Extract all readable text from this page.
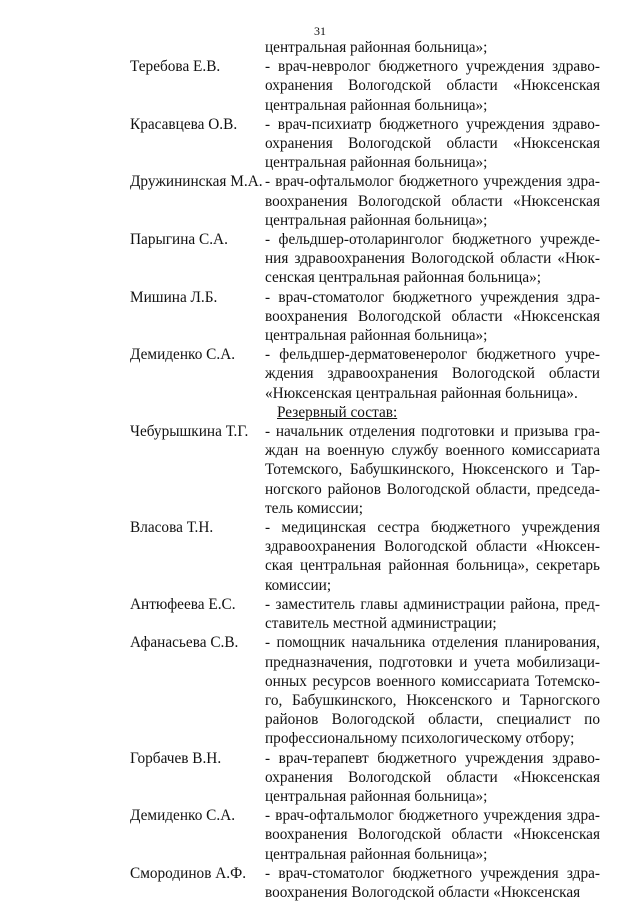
31
центральная районная больница»;
Теребова Е.В.	- врач-невролог бюджетного учреждения здраво-
охранения Вологодской области «Нюксенская
центральная районная больница»;
Красавцева О.В.	- врач-психиатр бюджетного учреждения здраво-
охранения Вологодской области «Нюксенская
центральная районная больница»;
Дружининская М.А. - врач-офтальмолог бюджетного учреждения здра-
воохранения Вологодской области «Нюксенская
центральная районная больница»;
Парыгина С.А.	- фельдшер-отоларинголог бюджетного учрежде-
ния здравоохранения Вологодской области «Нюк-
сенская центральная районная больница»;
Мишина Л.Б.	- врач-стоматолог бюджетного учреждения здра-
воохранения Вологодской области «Нюксенская
центральная районная больница»;
Демиденко С.А.	- фельдшер-дерматовенеролог бюджетного учре-
ждения здравоохранения Вологодской области
«Нюксенская центральная районная больница».
Резервный состав:
Чебурышкина Т.Г.	- начальник отделения подготовки и призыва гра-
ждан на военную службу военного комиссариата
Тотемского, Бабушкинского, Нюксенского и Тар-
ногского районов Вологодской области, председа-
тель комиссии;
Власова Т.Н.	- медицинская сестра бюджетного учреждения
здравоохранения Вологодской области «Нюксен-
ская центральная районная больница», секретарь
комиссии;
Антюфеева Е.С.	- заместитель главы администрации района, пред-
ставитель местной администрации;
Афанасьева С.В.	- помощник начальника отделения планирования,
предназначения, подготовки и учета мобилизаци-
онных ресурсов военного комиссариата Тотемско-
го, Бабушкинского, Нюксенского и Тарногского
районов Вологодской области, специалист по
профессиональному психологическому отбору;
Горбачев В.Н.	- врач-терапевт бюджетного учреждения здраво-
охранения Вологодской области «Нюксенская
центральная районная больница»;
Демиденко С.А.	- врач-офтальмолог бюджетного учреждения здра-
воохранения Вологодской области «Нюксенская
центральная районная больница»;
Смородинов А.Ф.	- врач-стоматолог бюджетного учреждения здра-
воохранения Вологодской области «Нюксенская
